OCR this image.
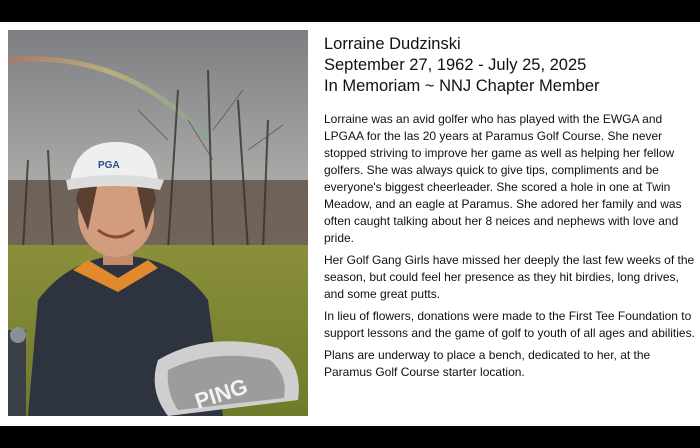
PGA
PING
Lorraine Dudzinski
September 27, 1962 - July 25, 2025
In Memoriam ~ NNJ Chapter Member

Lorraine was an avid golfer who has played with the EWGA and LPGAA for the las 20 years at Paramus Golf Course. She never stopped striving to improve her game as well as helping her fellow golfers. She was always quick to give tips, compliments and be everyone's biggest cheerleader. She scored a hole in one at Twin Meadow, and an eagle at Paramus. She adored her family and was often caught talking about her 8 neices and nephews with love and pride.

Her Golf Gang Girls have missed her deeply the last few weeks of the season, but could feel her presence as they hit birdies, long drives, and some great putts.

In lieu of flowers, donations were made to the First Tee Foundation to support lessons and the game of golf to youth of all ages and abilities.

Plans are underway to place a bench, dedicated to her, at the Paramus Golf Course starter location.
